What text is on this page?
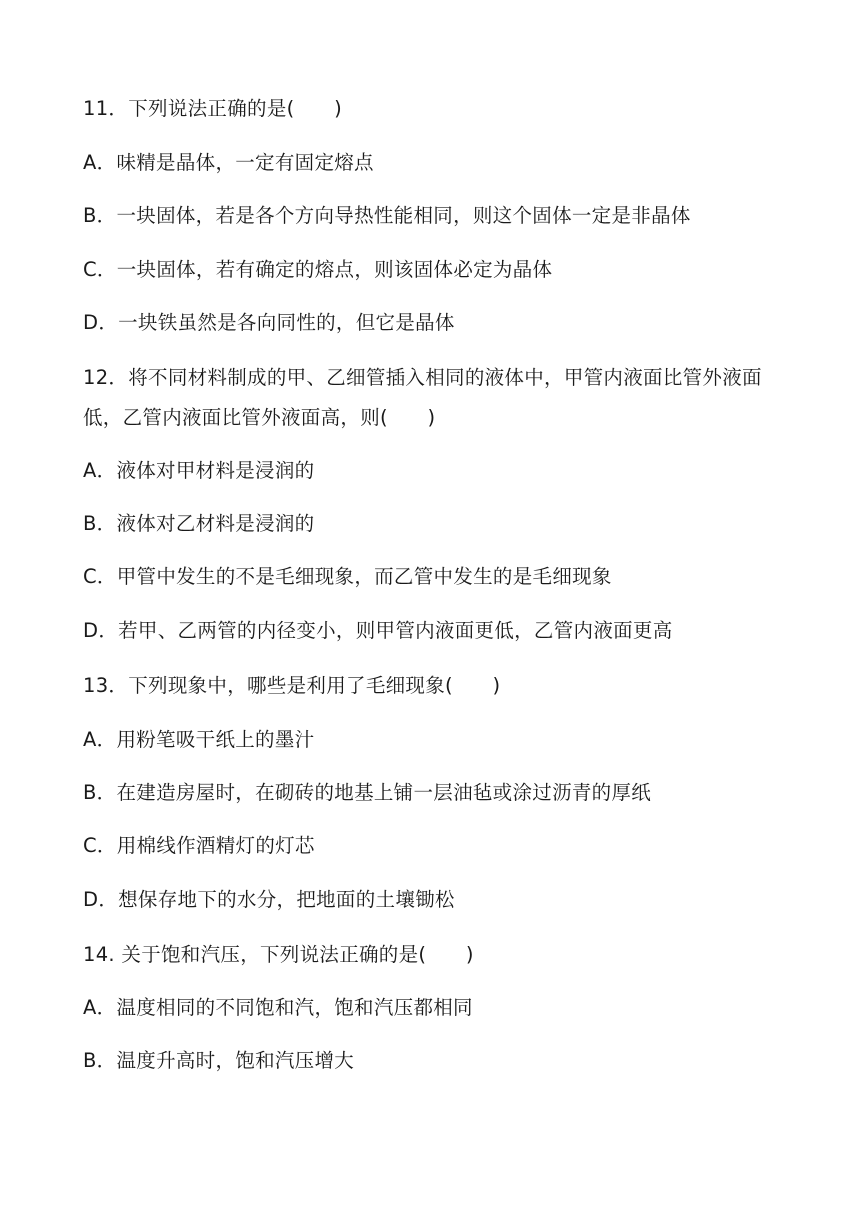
11．下列说法正确的是(　　)
A．味精是晶体，一定有固定熔点
B．一块固体，若是各个方向导热性能相同，则这个固体一定是非晶体
C．一块固体，若有确定的熔点，则该固体必定为晶体
D．一块铁虽然是各向同性的，但它是晶体
12．将不同材料制成的甲、乙细管插入相同的液体中，甲管内液面比管外液面
低，乙管内液面比管外液面高，则(　　)
A．液体对甲材料是浸润的
B．液体对乙材料是浸润的
C．甲管中发生的不是毛细现象，而乙管中发生的是毛细现象
D．若甲、乙两管的内径变小，则甲管内液面更低，乙管内液面更高
13．下列现象中，哪些是利用了毛细现象(　　)
A．用粉笔吸干纸上的墨汁
B．在建造房屋时，在砌砖的地基上铺一层油毡或涂过沥青的厚纸
C．用棉线作酒精灯的灯芯
D．想保存地下的水分，把地面的土壤锄松
14. 关于饱和汽压，下列说法正确的是(　　)
A．温度相同的不同饱和汽，饱和汽压都相同
B．温度升高时，饱和汽压增大
